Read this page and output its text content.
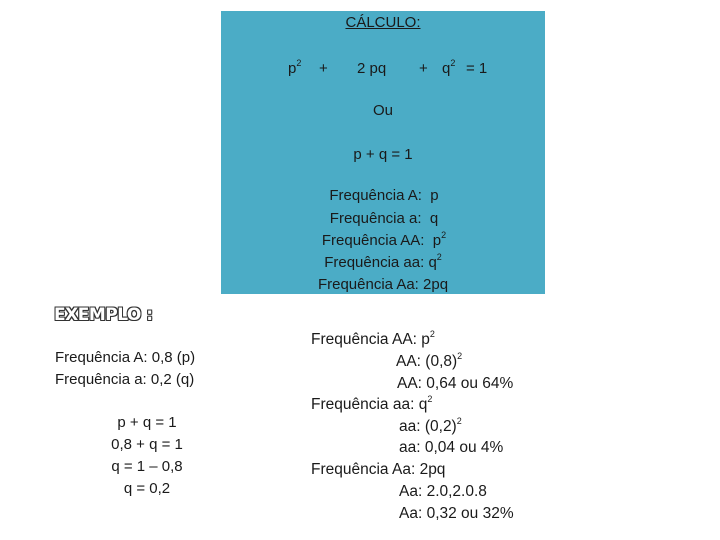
CÁLCULO:
$p^2 + 2$ pq + $q^2 = 1$
Ou
p + q = 1
Frequência A: p
Frequência a: q
Frequência AA: $p^2$
Frequência aa: $q^2$
Frequência Aa: 2pq
EXEMPLO :
Frequência A: 0,8 (p)
Frequência a: 0,2 (q)
p + q = 1
0,8 + q = 1
q = 1 – 0,8
q = 0,2
Frequência AA: $p^2$
AA: $(0,8)^2$
AA: 0,64 ou 64%
Frequência aa: $q^2$
aa: $(0,2)^2$
aa: 0,04 ou 4%
Frequência Aa: 2pq
Aa: 2.0,2.0.8
Aa: 0,32 ou 32%
